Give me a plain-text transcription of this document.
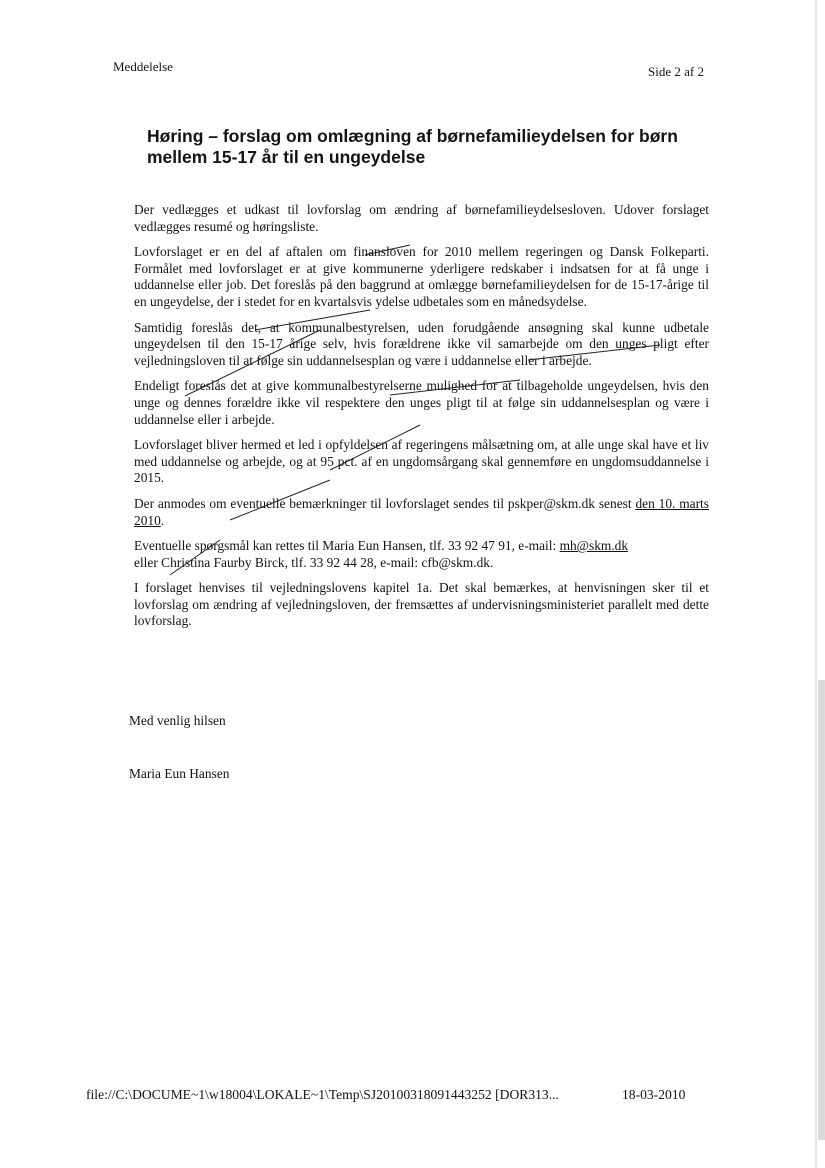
Meddelelse	Side 2 af 2
Høring – forslag om omlægning af børnefamilieydelsen for børn mellem 15-17 år til en ungeydelse

Der vedlægges et udkast til lovforslag om ændring af børnefamilieydelsesloven. Udover forslaget vedlægges resumé og høringsliste.

Lovforslaget er en del af aftalen om finansloven for 2010 mellem regeringen og Dansk Folkeparti. Formålet med lovforslaget er at give kommunerne yderligere redskaber i indsatsen for at få unge i uddannelse eller job. Det foreslås på den baggrund at omlægge børnefamilieydelsen for de 15-17-årige til en ungeydelse, der i stedet for en kvartalsvis ydelse udbetales som en månedsydelse.

Samtidig foreslås det, at kommunalbestyrelsen, uden forudgående ansøgning skal kunne udbetale ungeydelsen til den 15-17 årige selv, hvis forældrene ikke vil samarbejde om den unges pligt efter vejledningsloven til at følge sin uddannelsesplan og være i uddannelse eller i arbejde.

Endeligt foreslås det at give kommunalbestyrelserne mulighed for at tilbageholde ungeydelsen, hvis den unge og dennes forældre ikke vil respektere den unges pligt til at følge sin uddannelsesplan og være i uddannelse eller i arbejde.

Lovforslaget bliver hermed et led i opfyldelsen af regeringens målsætning om, at alle unge skal have et liv med uddannelse og arbejde, og at 95 pct. af en ungdomsårgang skal gennemføre en ungdomsuddannelse i 2015.

Der anmodes om eventuelle bemærkninger til lovforslaget sendes til pskper@skm.dk senest den 10. marts 2010.

Eventuelle spørgsmål kan rettes til Maria Eun Hansen, tlf. 33 92 47 91, e-mail: mh@skm.dk
eller Christina Faurby Birck, tlf. 33 92 44 28, e-mail: cfb@skm.dk.

I forslaget henvises til vejledningslovens kapitel 1a. Det skal bemærkes, at henvisningen sker til et lovforslag om ændring af vejledningsloven, der fremsættes af undervisningsministeriet parallelt med dette lovforslag.

Med venlig hilsen
Maria Eun Hansen
file://C:\DOCUME~1\w18004\LOKALE~1\Temp\SJ20100318091443252 [DOR313...	18-03-2010
